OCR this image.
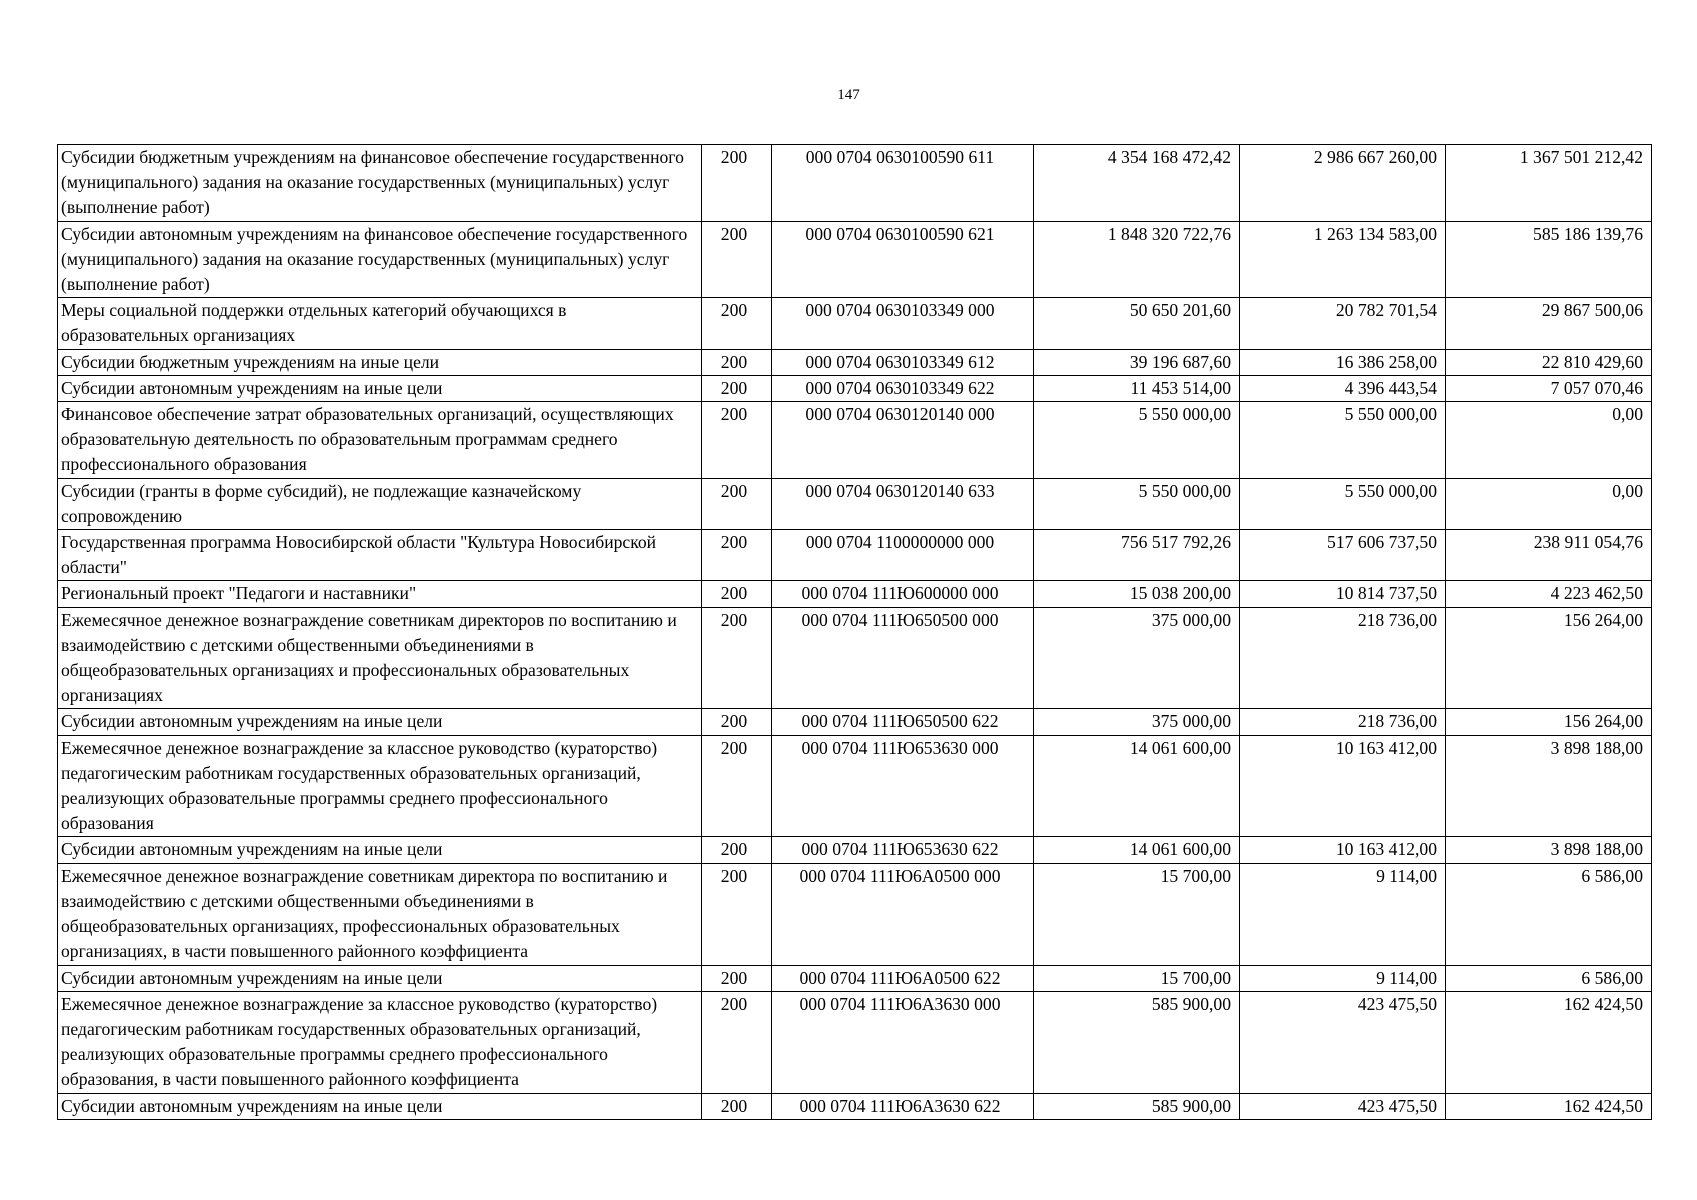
147
Субсидии бюджетным учреждениям на финансовое обеспечение государственного (муниципального) задания на оказание государственных (муниципальных) услуг (выполнение работ)	200	000 0704 0630100590 611	4 354 168 472,42	2 986 667 260,00	1 367 501 212,42
Субсидии автономным учреждениям на финансовое обеспечение государственного (муниципального) задания на оказание государственных (муниципальных) услуг (выполнение работ)	200	000 0704 0630100590 621	1 848 320 722,76	1 263 134 583,00	585 186 139,76
Меры социальной поддержки отдельных категорий обучающихся в образовательных организациях	200	000 0704 0630103349 000	50 650 201,60	20 782 701,54	29 867 500,06
Субсидии бюджетным учреждениям на иные цели	200	000 0704 0630103349 612	39 196 687,60	16 386 258,00	22 810 429,60
Субсидии автономным учреждениям на иные цели	200	000 0704 0630103349 622	11 453 514,00	4 396 443,54	7 057 070,46
Финансовое обеспечение затрат образовательных организаций, осуществляющих образовательную деятельность по образовательным программам среднего профессионального образования	200	000 0704 0630120140 000	5 550 000,00	5 550 000,00	0,00
Субсидии (гранты в форме субсидий), не подлежащие казначейскому сопровождению	200	000 0704 0630120140 633	5 550 000,00	5 550 000,00	0,00
Государственная программа Новосибирской области "Культура Новосибирской области"	200	000 0704 1100000000 000	756 517 792,26	517 606 737,50	238 911 054,76
Региональный проект "Педагоги и наставники"	200	000 0704 111Ю600000 000	15 038 200,00	10 814 737,50	4 223 462,50
Ежемесячное денежное вознаграждение советникам директоров по воспитанию и взаимодействию с детскими общественными объединениями в общеобразовательных организациях и профессиональных образовательных организациях	200	000 0704 111Ю650500 000	375 000,00	218 736,00	156 264,00
Субсидии автономным учреждениям на иные цели	200	000 0704 111Ю650500 622	375 000,00	218 736,00	156 264,00
Ежемесячное денежное вознаграждение за классное руководство (кураторство) педагогическим работникам государственных образовательных организаций, реализующих образовательные программы среднего профессионального образования	200	000 0704 111Ю653630 000	14 061 600,00	10 163 412,00	3 898 188,00
Субсидии автономным учреждениям на иные цели	200	000 0704 111Ю653630 622	14 061 600,00	10 163 412,00	3 898 188,00
Ежемесячное денежное вознаграждение советникам директора по воспитанию и взаимодействию с детскими общественными объединениями в общеобразовательных организациях, профессиональных образовательных организациях, в части повышенного районного коэффициента	200	000 0704 111Ю6А0500 000	15 700,00	9 114,00	6 586,00
Субсидии автономным учреждениям на иные цели	200	000 0704 111Ю6А0500 622	15 700,00	9 114,00	6 586,00
Ежемесячное денежное вознаграждение за классное руководство (кураторство) педагогическим работникам государственных образовательных организаций, реализующих образовательные программы среднего профессионального образования, в части повышенного районного коэффициента	200	000 0704 111Ю6А3630 000	585 900,00	423 475,50	162 424,50
Субсидии автономным учреждениям на иные цели	200	000 0704 111Ю6А3630 622	585 900,00	423 475,50	162 424,50
